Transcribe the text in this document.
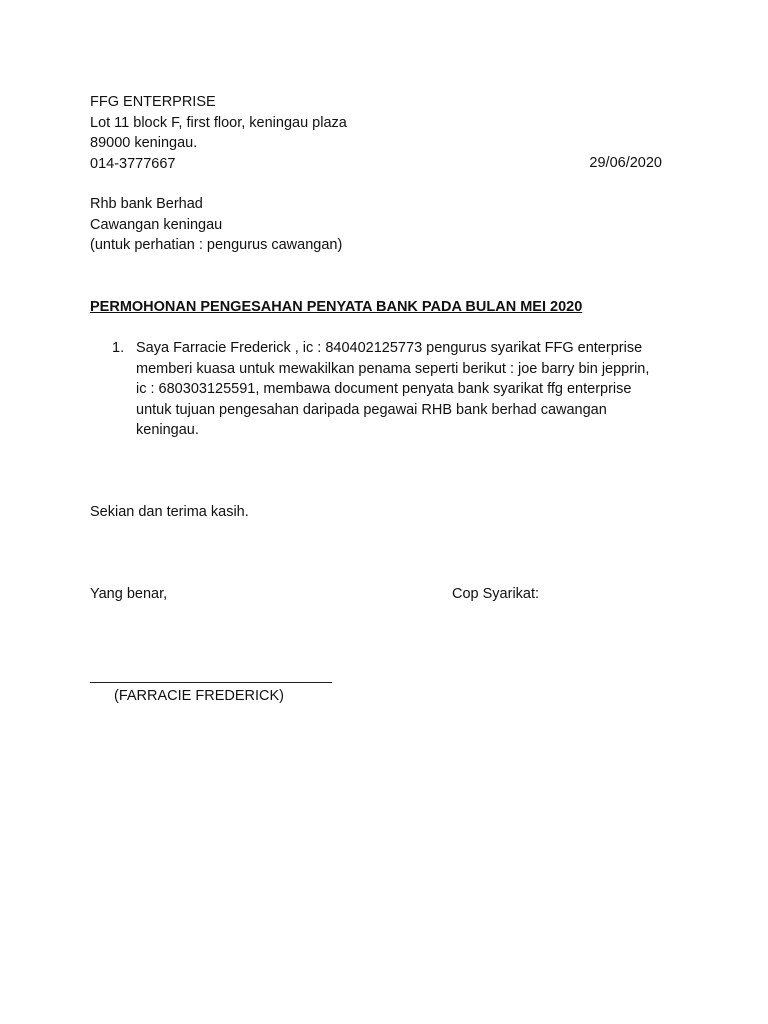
FFG ENTERPRISE
Lot 11 block F, first floor, keningau plaza
89000 keningau.
014-3777667	29/06/2020
Rhb bank Berhad
Cawangan keningau
(untuk perhatian : pengurus cawangan)
PERMOHONAN PENGESAHAN PENYATA BANK PADA BULAN MEI 2020
1. Saya Farracie Frederick , ic : 840402125773 pengurus syarikat FFG enterprise
memberi kuasa untuk mewakilkan penama seperti berikut : joe barry bin jepprin,
ic : 680303125591, membawa document penyata bank syarikat ffg enterprise
untuk tujuan pengesahan daripada pegawai RHB bank berhad cawangan
keningau.
Sekian dan terima kasih.
Yang benar,	Cop Syarikat:
______________________________
(FARRACIE FREDERICK)
